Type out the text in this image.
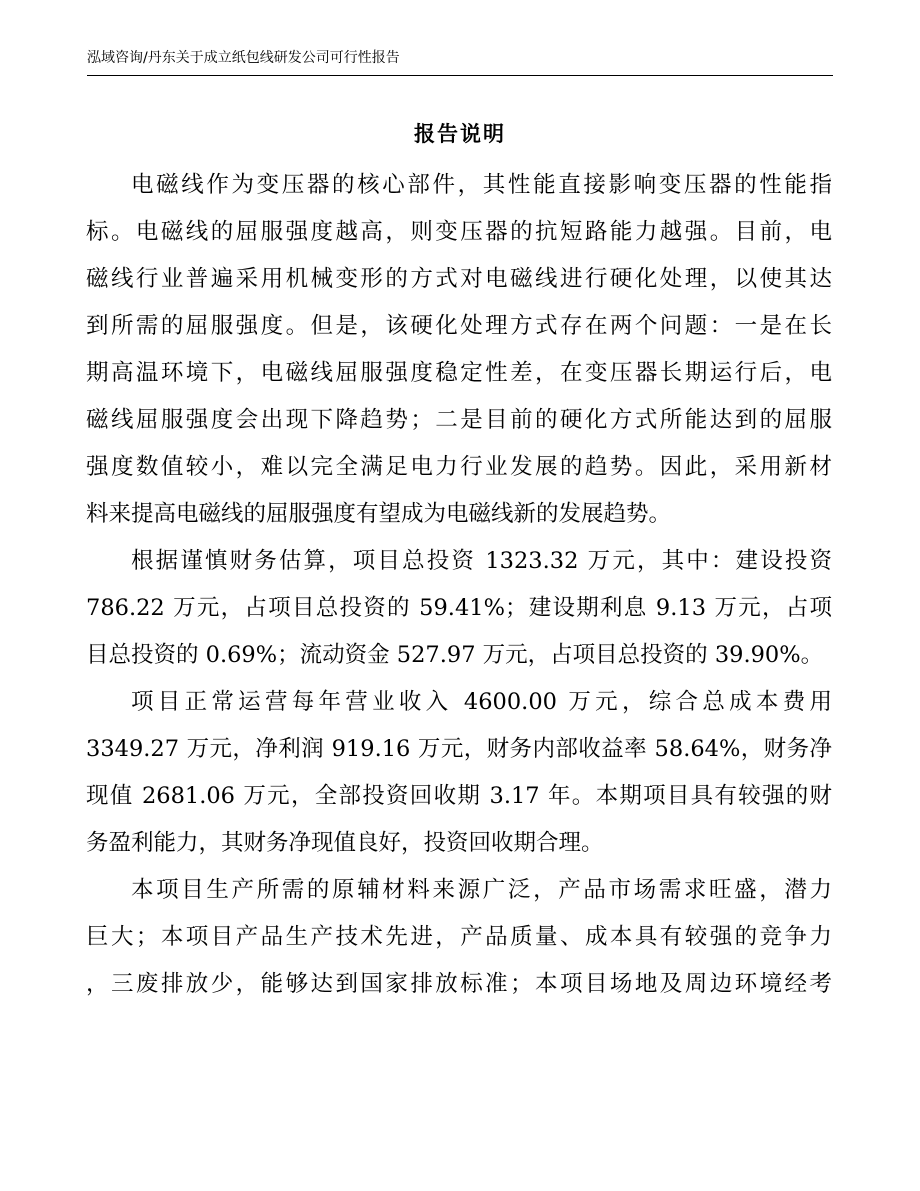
泓域咨询/丹东关于成立纸包线研发公司可行性报告
报告说明
电磁线作为变压器的核心部件，其性能直接影响变压器的性能指
标。电磁线的屈服强度越高，则变压器的抗短路能力越强。目前，电
磁线行业普遍采用机械变形的方式对电磁线进行硬化处理，以使其达
到所需的屈服强度。但是，该硬化处理方式存在两个问题：一是在长
期高温环境下，电磁线屈服强度稳定性差，在变压器长期运行后，电
磁线屈服强度会出现下降趋势；二是目前的硬化方式所能达到的屈服
强度数值较小，难以完全满足电力行业发展的趋势。因此，采用新材
料来提高电磁线的屈服强度有望成为电磁线新的发展趋势。
根据谨慎财务估算，项目总投资 1323.32 万元，其中：建设投资
786.22 万元，占项目总投资的 59.41%；建设期利息 9.13 万元，占项
目总投资的 0.69%；流动资金 527.97 万元，占项目总投资的 39.90%。
项目正常运营每年营业收入 4600.00 万元，综合总成本费用
3349.27 万元，净利润 919.16 万元，财务内部收益率 58.64%，财务净
现值 2681.06 万元，全部投资回收期 3.17 年。本期项目具有较强的财
务盈利能力，其财务净现值良好，投资回收期合理。
本项目生产所需的原辅材料来源广泛，产品市场需求旺盛，潜力
巨大；本项目产品生产技术先进，产品质量、成本具有较强的竞争力
，三废排放少，能够达到国家排放标准；本项目场地及周边环境经考
